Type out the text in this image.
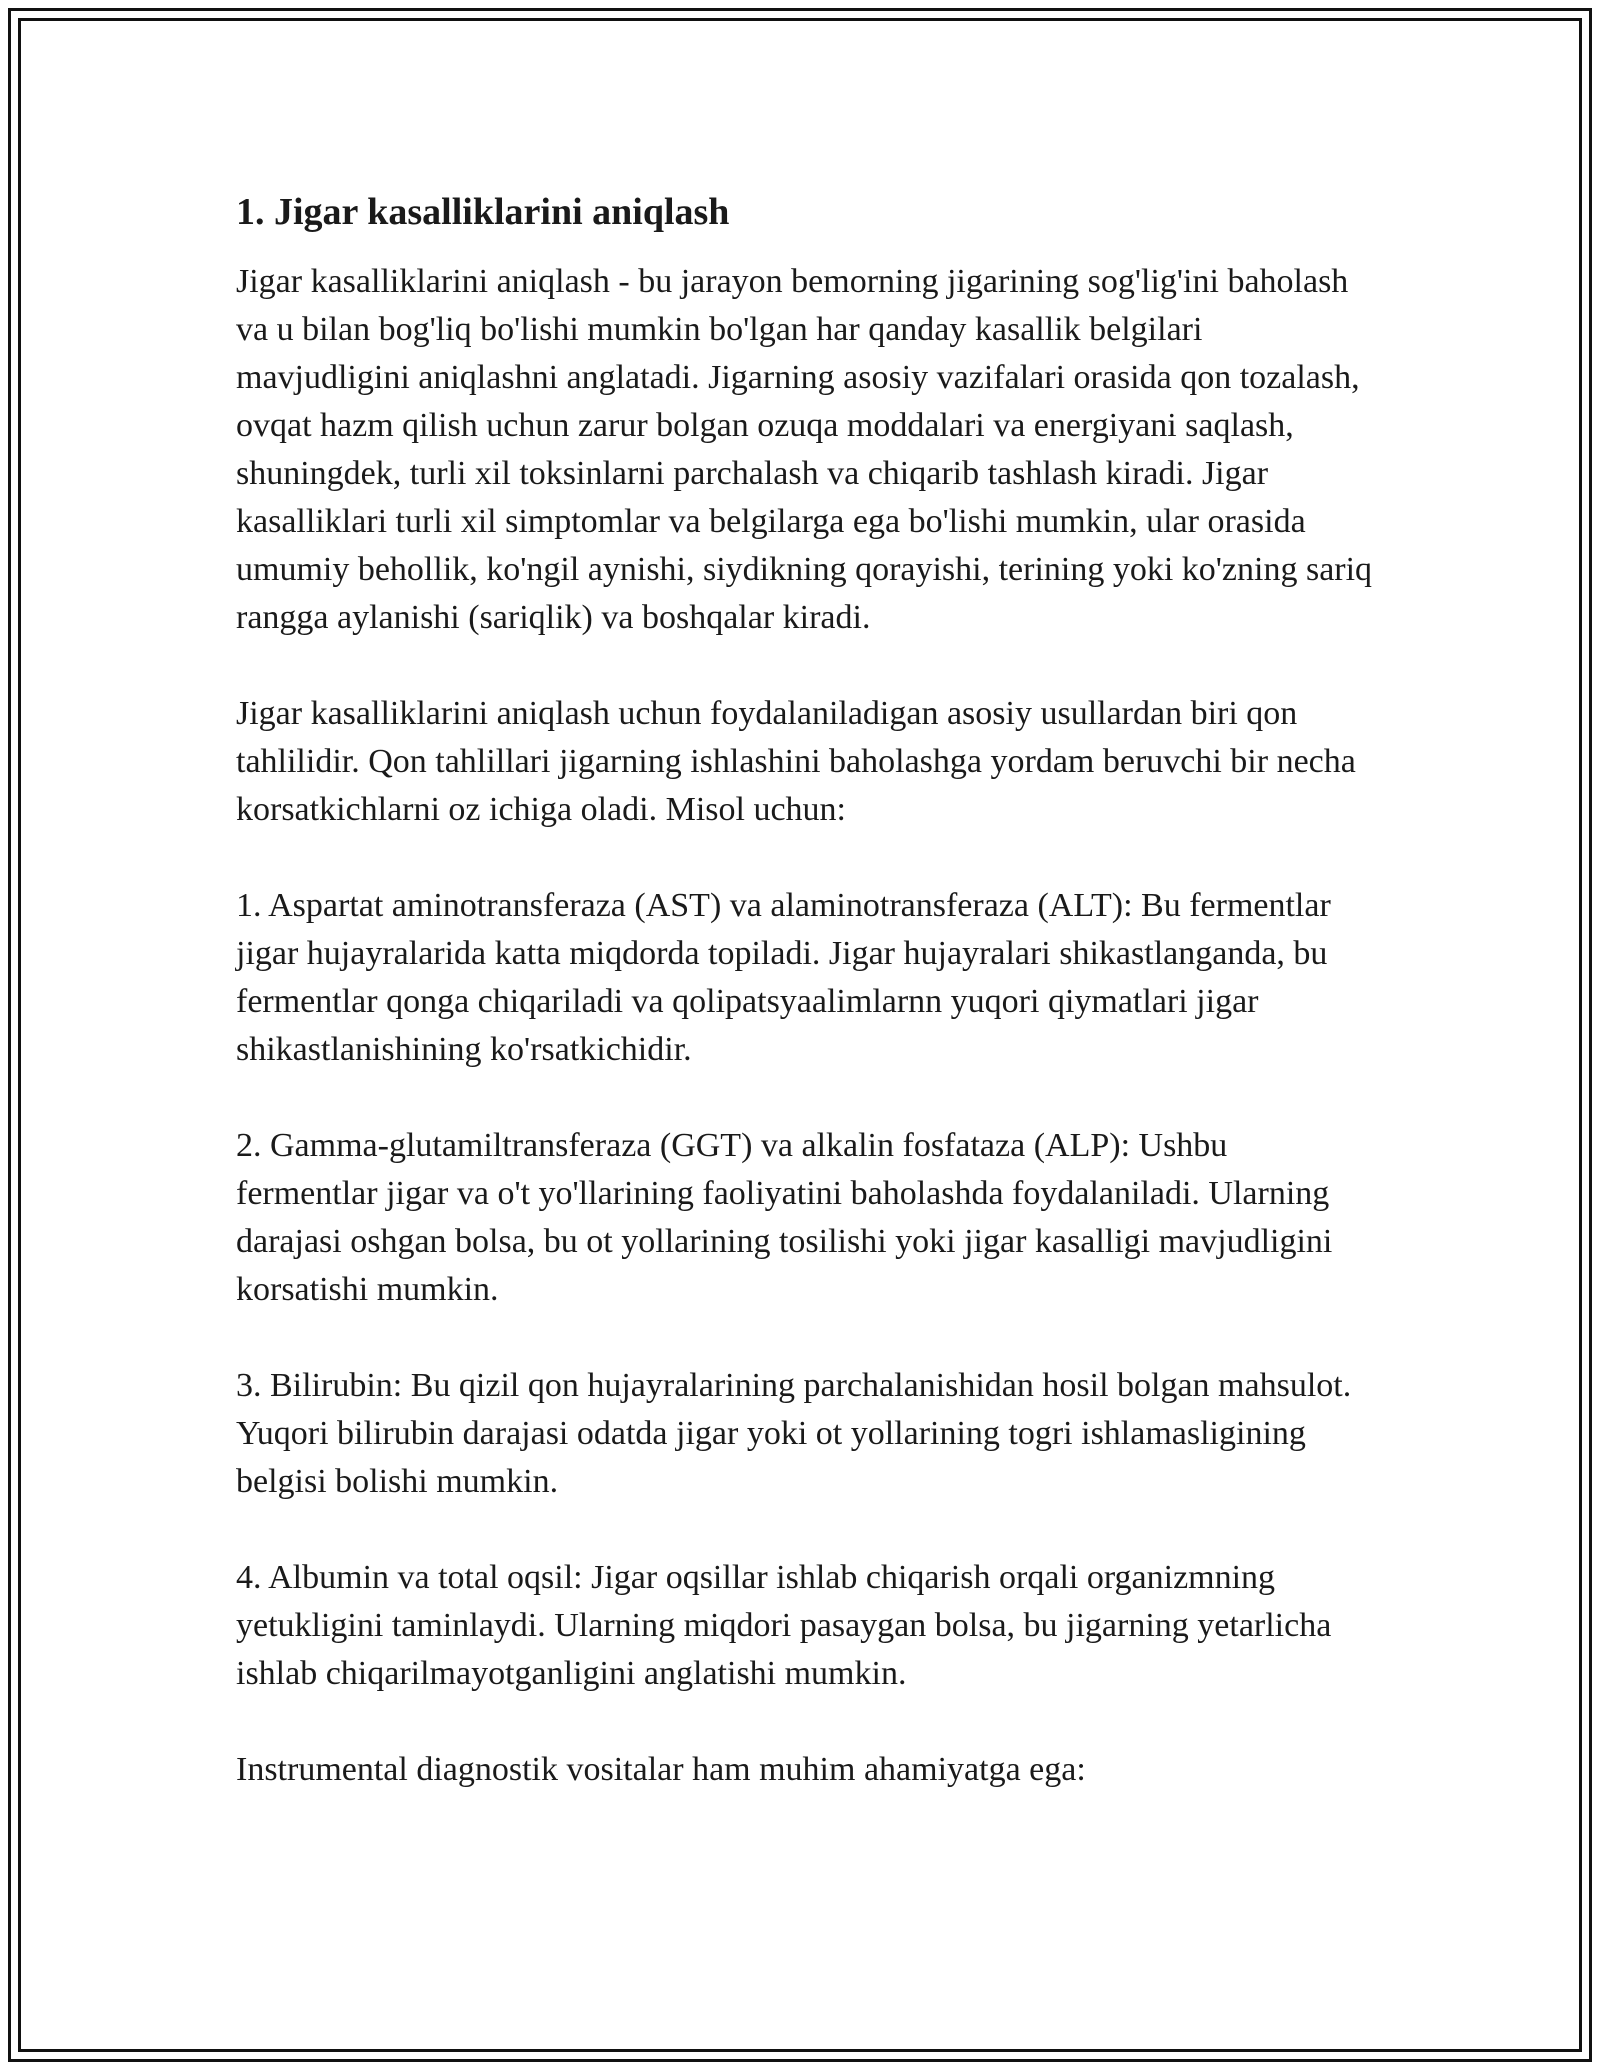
1. Jigar kasalliklarini aniqlash

Jigar kasalliklarini aniqlash - bu jarayon bemorning jigarining sog'lig'ini baholash va u bilan bog'liq bo'lishi mumkin bo'lgan har qanday kasallik belgilari mavjudligini aniqlashni anglatadi. Jigarning asosiy vazifalari orasida qon tozalash, ovqat hazm qilish uchun zarur bolgan ozuqa moddalari va energiyani saqlash, shuningdek, turli xil toksinlarni parchalash va chiqarib tashlash kiradi. Jigar kasalliklari turli xil simptomlar va belgilarga ega bo'lishi mumkin, ular orasida umumiy behollik, ko'ngil aynishi, siydikning qorayishi, terining yoki ko'zning sariq rangga aylanishi (sariqlik) va boshqalar kiradi.

Jigar kasalliklarini aniqlash uchun foydalaniladigan asosiy usullardan biri qon tahlilidir. Qon tahlillari jigarning ishlashini baholashga yordam beruvchi bir necha korsatkichlarni oz ichiga oladi. Misol uchun:

1. Aspartat aminotransferaza (AST) va alaminotransferaza (ALT): Bu fermentlar jigar hujayralarida katta miqdorda topiladi. Jigar hujayralari shikastlanganda, bu fermentlar qonga chiqariladi va qolipatsyaalimlarnn yuqori qiymatlari jigar shikastlanishining ko'rsatkichidir.

2. Gamma-glutamiltransferaza (GGT) va alkalin fosfataza (ALP): Ushbu fermentlar jigar va o't yo'llarining faoliyatini baholashda foydalaniladi. Ularning darajasi oshgan bolsa, bu ot yollarining tosilishi yoki jigar kasalligi mavjudligini korsatishi mumkin.

3. Bilirubin: Bu qizil qon hujayralarining parchalanishidan hosil bolgan mahsulot. Yuqori bilirubin darajasi odatda jigar yoki ot yollarining togri ishlamasligining belgisi bolishi mumkin.

4. Albumin va total oqsil: Jigar oqsillar ishlab chiqarish orqali organizmning yetukligini taminlaydi. Ularning miqdori pasaygan bolsa, bu jigarning yetarlicha ishlab chiqarilmayotganligini anglatishi mumkin.

Instrumental diagnostik vositalar ham muhim ahamiyatga ega:
